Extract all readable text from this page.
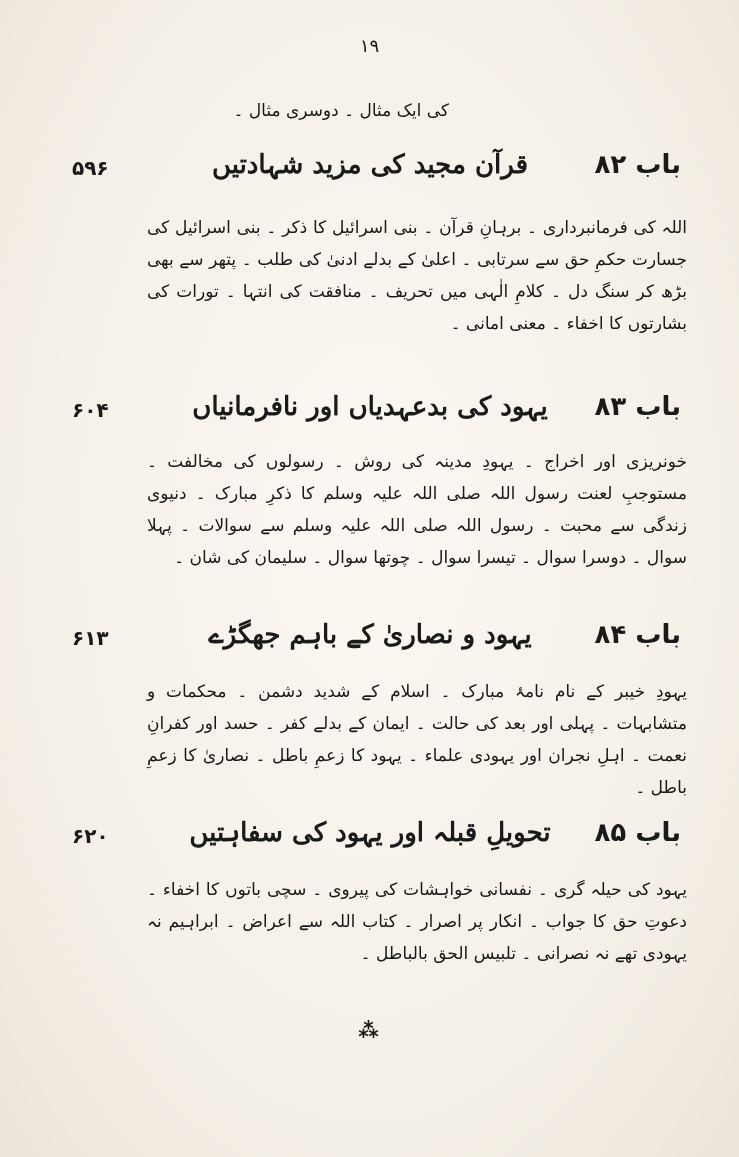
١٩
کی ایک مثال ۔ دوسری مثال ۔
باب ۸۲
قرآن مجید کی مزید شہادتیں
۵۹۶
اللہ کی فرمانبرداری ۔ برہانِ قرآن ۔ بنی اسرائیل کا ذکر ۔ بنی اسرائیل کی جسارت حکمِ حق سے سرتابی ۔ اعلیٰ کے بدلے ادنیٰ کی طلب ۔ پتھر سے بھی بڑھ کر سنگ دل ۔ کلامِ الٰہی میں تحریف ۔ منافقت کی انتہا ۔ تورات کی بشارتوں کا اخفاء ۔ معنی امانی ۔
باب ۸۳
یہود کی بدعہدیاں اور نافرمانیاں
۶۰۴
خونریزی اور اخراج ۔ یہودِ مدینہ کی روش ۔ رسولوں کی مخالفت ۔ مستوجبِ لعنت رسول اللہ صلی اللہ علیہ وسلم کا ذکرِ مبارک ۔ دنیوی زندگی سے محبت ۔ رسول اللہ صلی اللہ علیہ وسلم سے سوالات ۔ پہلا سوال ۔ دوسرا سوال ۔ تیسرا سوال ۔ چوتھا سوال ۔ سلیمان کی شان ۔
باب ۸۴
یہود و نصاریٰ کے باہم جھگڑے
۶۱۳
یہودِ خیبر کے نام نامۂ مبارک ۔ اسلام کے شدید دشمن ۔ محکمات و متشابہات ۔ پہلی اور بعد کی حالت ۔ ایمان کے بدلے کفر ۔ حسد اور کفرانِ نعمت ۔ اہلِ نجران اور یہودی علماء ۔ یہود کا زعمِ باطل ۔ نصاریٰ کا زعمِ باطل ۔
باب ۸۵
تحویلِ قبلہ اور یہود کی سفاہتیں
۶۲۰
یہود کی حیلہ گری ۔ نفسانی خواہشات کی پیروی ۔ سچی باتوں کا اخفاء ۔ دعوتِ حق کا جواب ۔ انکار پر اصرار ۔ کتاب اللہ سے اعراض ۔ ابراہیم نہ یہودی تھے نہ نصرانی ۔ تلبیس الحق بالباطل ۔
⁂
